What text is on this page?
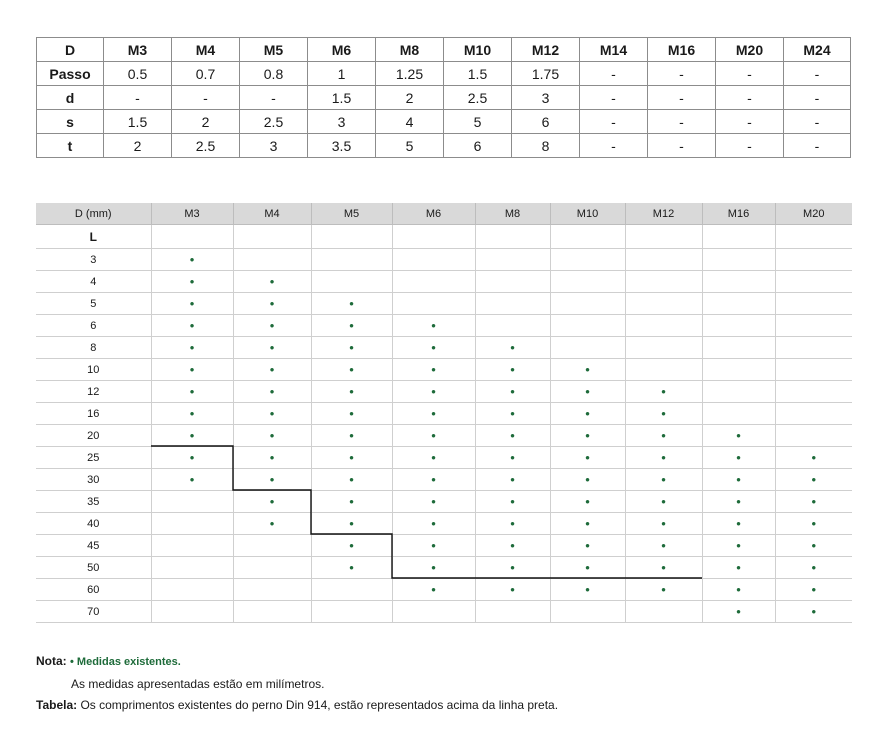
D	M3	M4	M5	M6	M8	M10	M12	M14	M16	M20	M24
Passo	0.5	0.7	0.8	1	1.25	1.5	1.75	-	-	-	-
d	-	-	-	1.5	2	2.5	3	-	-	-	-
s	1.5	2	2.5	3	4	5	6	-	-	-	-
t	2	2.5	3	3.5	5	6	8	-	-	-	-
D (mm)	M3	M4	M5	M6	M8	M10	M12	M16	M20
L									
3	•								
4	•	•							
5	•	•	•						
6	•	•	•	•					
8	•	•	•	•	•				
10	•	•	•	•	•	•			
12	•	•	•	•	•	•	•		
16	•	•	•	•	•	•	•		
20	•	•	•	•	•	•	•	•	
25	•	•	•	•	•	•	•	•	•
30	•	•	•	•	•	•	•	•	•
35		•	•	•	•	•	•	•	•
40		•	•	•	•	•	•	•	•
45			•	•	•	•	•	•	•
50			•	•	•	•	•	•	•
60				•	•	•	•	•	•
70								•	•
Nota: • Medidas existentes.
As medidas apresentadas estão em milímetros.
Tabela: Os comprimentos existentes do perno Din 914, estão representados acima da linha preta.
